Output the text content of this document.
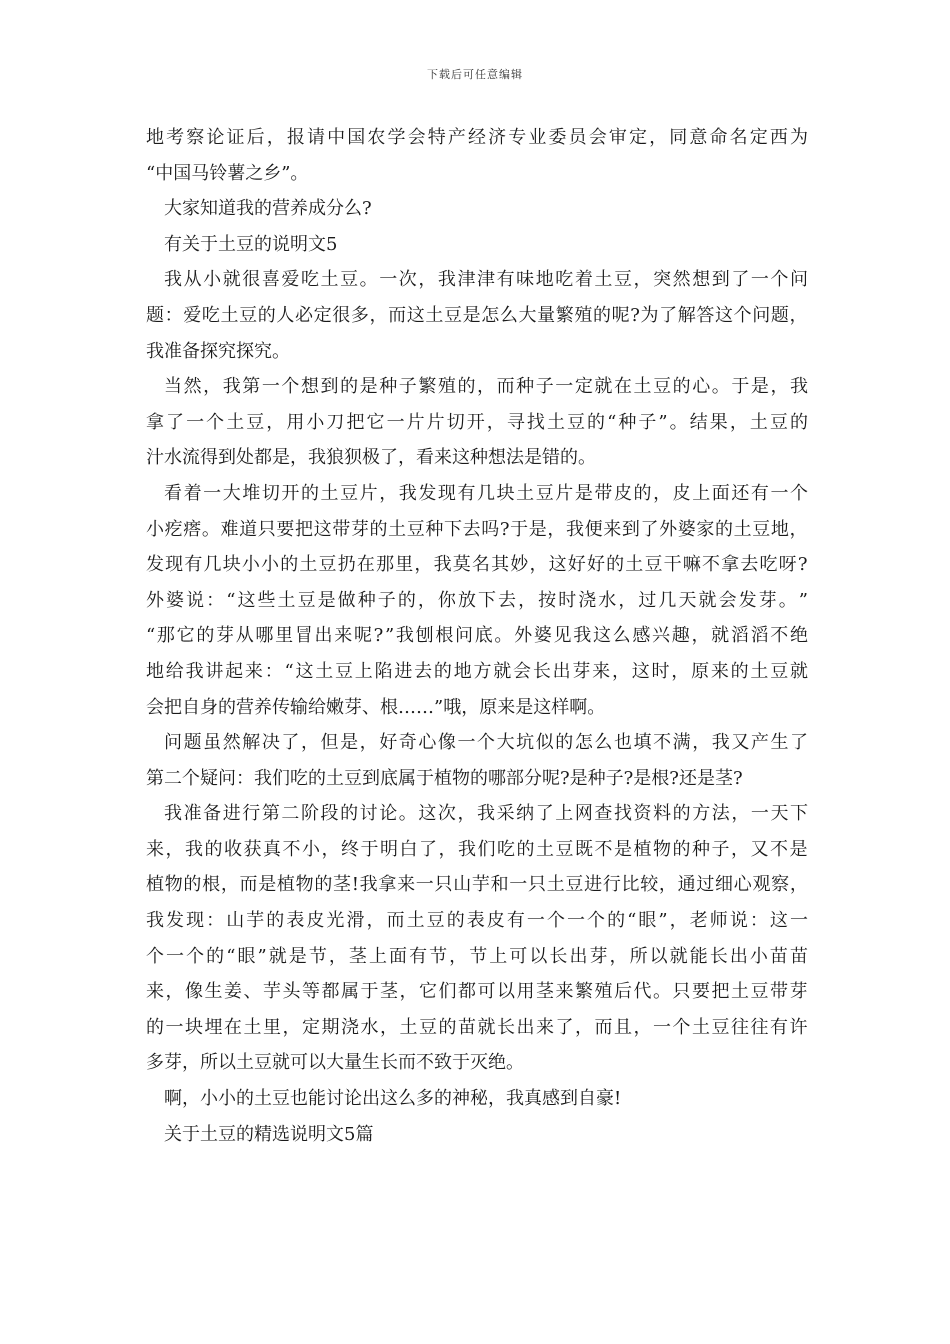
下载后可任意编辑
地 考 察 论 证 后 ， 报 请 中 国 农 学 会 特 产 经 济 专 业 委 员 会 审 定 ， 同 意 命 名 定 西 为
“中国马铃薯之乡”。
大家知道我的营养成分么?
有关于土豆的说明文5
我 从 小 就 很 喜 爱 吃 土 豆 。 一 次 ， 我 津 津 有 味 地 吃 着 土 豆 ， 突 然 想 到 了 一 个 问
题 ： 爱 吃 土 豆 的 人 必 定 很 多 ， 而 这 土 豆 是 怎 么 大 量 繁 殖 的 呢 ? 为 了 解 答 这 个 问 题 ，
我准备探究探究。
当 然 ， 我 第 一 个 想 到 的 是 种 子 繁 殖 的 ， 而 种 子 一 定 就 在 土 豆 的 心 。 于 是 ， 我
拿 了 一 个 土 豆 ， 用 小 刀 把 它 一 片 片 切 开 ， 寻 找 土 豆 的 “ 种 子 ” 。 结 果 ， 土 豆 的
汁水流得到处都是，我狼狈极了，看来这种想法是错的。
看 着 一 大 堆 切 开 的 土 豆 片 ， 我 发 现 有 几 块 土 豆 片 是 带 皮 的 ， 皮 上 面 还 有 一 个
小 疙 瘩 。 难 道 只 要 把 这 带 芽 的 土 豆 种 下 去 吗 ? 于 是 ， 我 便 来 到 了 外 婆 家 的 土 豆 地 ，
发 现 有 几 块 小 小 的 土 豆 扔 在 那 里 ， 我 莫 名 其 妙 ， 这 好 好 的 土 豆 干 嘛 不 拿 去 吃 呀 ?
外 婆 说 ： “ 这 些 土 豆 是 做 种 子 的 ， 你 放 下 去 ， 按 时 浇 水 ， 过 几 天 就 会 发 芽 。 ”
“ 那 它 的 芽 从 哪 里 冒 出 来 呢 ? ” 我 刨 根 问 底 。 外 婆 见 我 这 么 感 兴 趣 ， 就 滔 滔 不 绝
地 给 我 讲 起 来 ： “ 这 土 豆 上 陷 进 去 的 地 方 就 会 长 出 芽 来 ， 这 时 ， 原 来 的 土 豆 就
会把自身的营养传输给嫩芽、根……”哦，原来是这样啊。
问 题 虽 然 解 决 了 ， 但 是 ， 好 奇 心 像 一 个 大 坑 似 的 怎 么 也 填 不 满 ， 我 又 产 生 了
第二个疑问：我们吃的土豆到底属于植物的哪部分呢?是种子?是根?还是茎?
我 准 备 进 行 第 二 阶 段 的 讨 论 。 这 次 ， 我 采 纳 了 上 网 查 找 资 料 的 方 法 ， 一 天 下
来 ， 我 的 收 获 真 不 小 ， 终 于 明 白 了 ， 我 们 吃 的 土 豆 既 不 是 植 物 的 种 子 ， 又 不 是
植 物 的 根 ， 而 是 植 物 的 茎 ! 我 拿 来 一 只 山 芋 和 一 只 土 豆 进 行 比 较 ， 通 过 细 心 观 察 ，
我 发 现 ： 山 芋 的 表 皮 光 滑 ， 而 土 豆 的 表 皮 有 一 个 一 个 的 “ 眼 ” ， 老 师 说 ： 这 一
个 一 个 的 “ 眼 ” 就 是 节 ， 茎 上 面 有 节 ， 节 上 可 以 长 出 芽 ， 所 以 就 能 长 出 小 苗 苗
来 ， 像 生 姜 、 芋 头 等 都 属 于 茎 ， 它 们 都 可 以 用 茎 来 繁 殖 后 代 。 只 要 把 土 豆 带 芽
的 一 块 埋 在 土 里 ， 定 期 浇 水 ， 土 豆 的 苗 就 长 出 来 了 ， 而 且 ， 一 个 土 豆 往 往 有 许
多芽，所以土豆就可以大量生长而不致于灭绝。
啊，小小的土豆也能讨论出这么多的神秘，我真感到自豪!
关于土豆的精选说明文5篇
